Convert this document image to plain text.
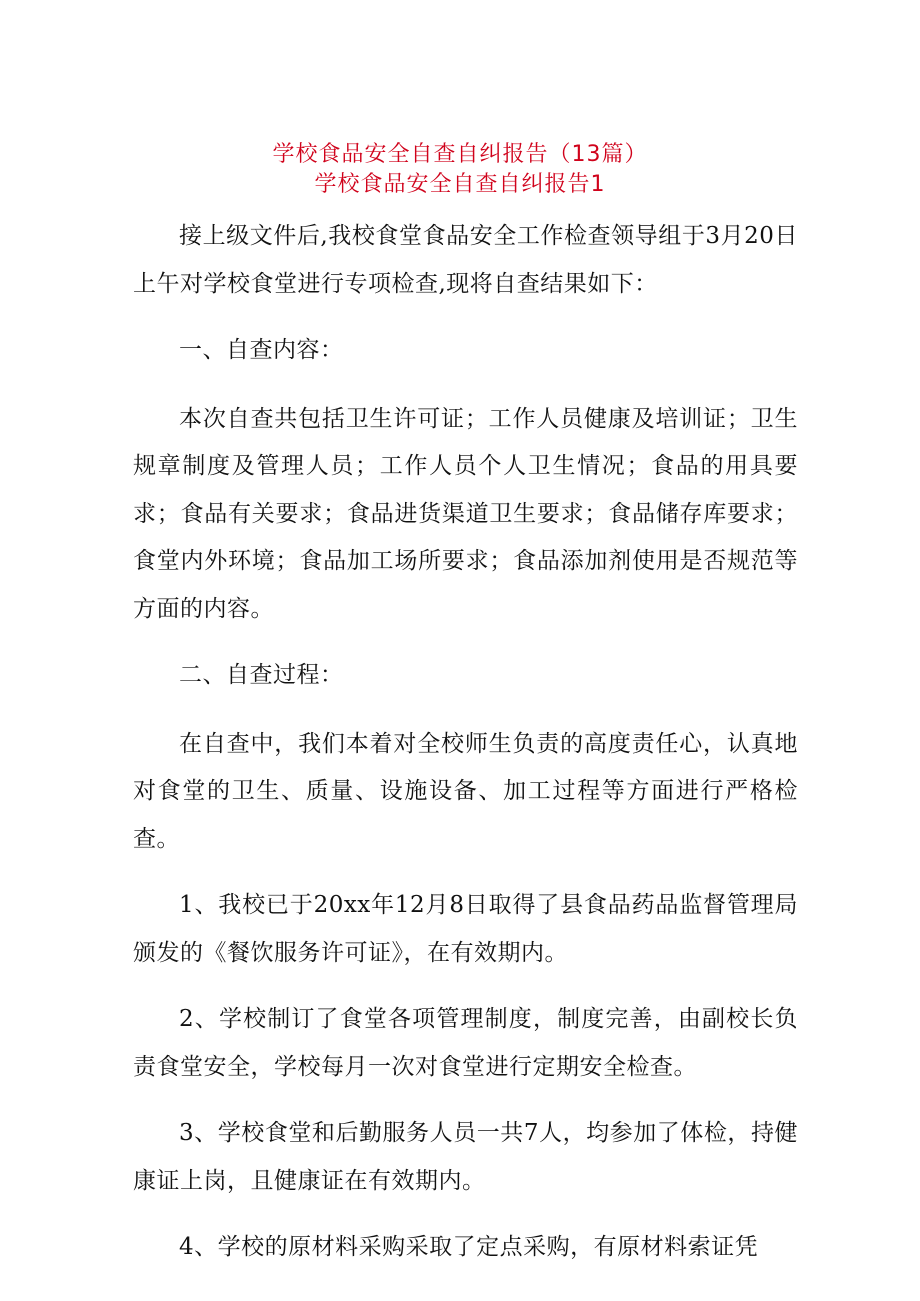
学校食品安全自查自纠报告（13篇）
学校食品安全自查自纠报告1

接上级文件后,我校食堂食品安全工作检查领导组于3月20日上午对学校食堂进行专项检查,现将自查结果如下：

一、自查内容：

本次自查共包括卫生许可证；工作人员健康及培训证；卫生规章制度及管理人员；工作人员个人卫生情况；食品的用具要求；食品有关要求；食品进货渠道卫生要求；食品储存库要求；食堂内外环境；食品加工场所要求；食品添加剂使用是否规范等方面的内容。

二、自查过程：

在自查中，我们本着对全校师生负责的高度责任心，认真地对食堂的卫生、质量、设施设备、加工过程等方面进行严格检查。

1、我校已于20xx年12月8日取得了县食品药品监督管理局颁发的《餐饮服务许可证》，在有效期内。

2、学校制订了食堂各项管理制度，制度完善，由副校长负责食堂安全，学校每月一次对食堂进行定期安全检查。

3、学校食堂和后勤服务人员一共7人，均参加了体检，持健康证上岗，且健康证在有效期内。

4、学校的原材料采购采取了定点采购，有原材料索证凭
